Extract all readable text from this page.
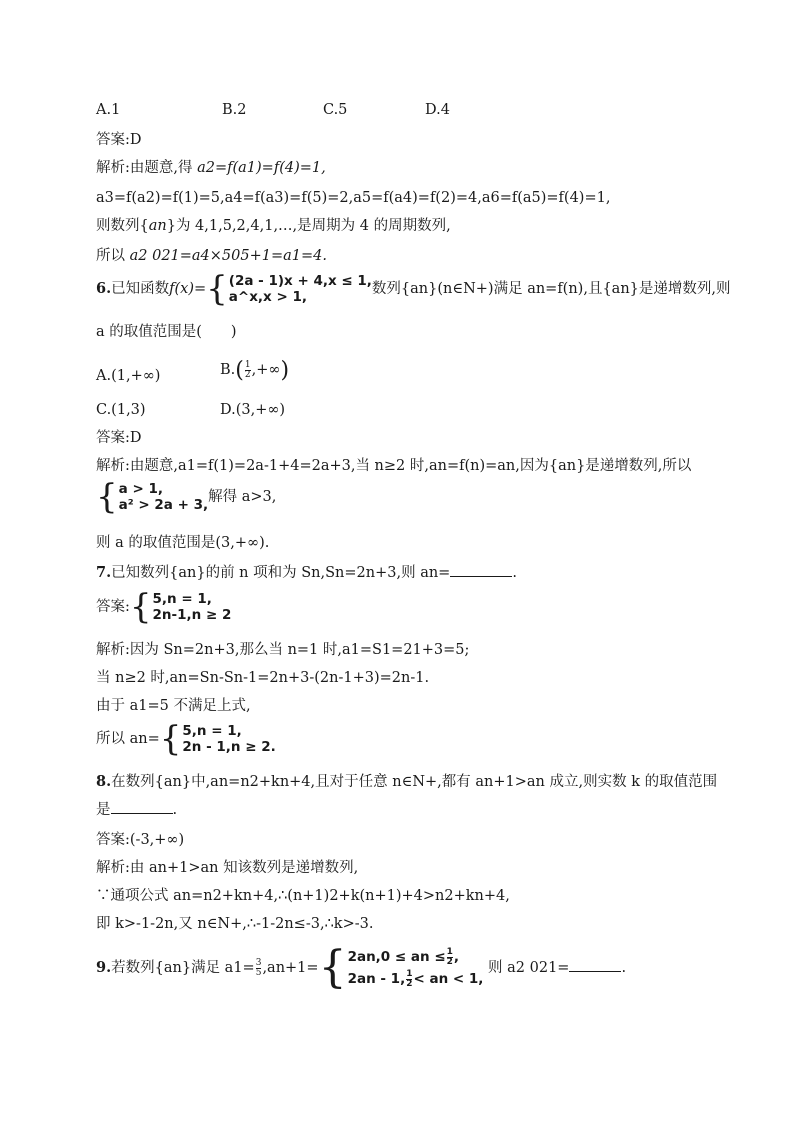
A.1	B.2	C.5	D.4
答案:D
解析:由题意,得 a2=f(a1)=f(4)=1,
a3=f(a2)=f(1)=5,a4=f(a3)=f(5)=2,a5=f(a4)=f(2)=4,a6=f(a5)=f(4)=1,
则数列{an}为 4,1,5,2,4,1,…,是周期为 4 的周期数列,
所以 a2 021=a4×505+1=a1=4.
6.已知函数f(x)={ (2a - 1)x + 4,x ≤ 1,
a^x,x > 1,	数列{an}(n∈N+)满足 an=f(n),且{an}是递增数列,则
a 的取值范围是(　　)
A.(1,+∞)	$B.( \frac{1}{2}$ ,+∞)
C.(1,3)	D.(3,+∞)
答案:D
解析:由题意,a1=f(1)=2a-1+4=2a+3,当 n≥2 时,an=f(n)=an,因为{an}是递增数列,所以
{ a > 1,
a² > 2a + 3, 解得 a>3,
则 a 的取值范围是(3,+∞).
7.已知数列{an}的前 n 项和为 Sn,Sn=2n+3,则 an=	.
答案:{ 5,n = 1,
2n-1,n ≥ 2
解析:因为 Sn=2n+3,那么当 n=1 时,a1=S1=21+3=5;
当 n≥2 时,an=Sn-Sn-1=2n+3-(2n-1+3)=2n-1.
由于 a1=5 不满足上式,
所以 an={ 5,n = 1,
2n - 1,n ≥ 2.
8.在数列{an}中,an=n2+kn+4,且对于任意 n∈N+,都有 an+1>an 成立,则实数 k 的取值范围
是	.
答案:(-3,+∞)
解析:由 an+1>an 知该数列是递增数列,
∵通项公式 an=n2+kn+4,∴(n+1)2+k(n+1)+4>n2+kn+4,
即 k>-1-2n,又 n∈N+,∴-1-2n≤-3,∴k>-3.
9.若数列{an}满足 $a1= \frac{3}{5} ,an+1=${ 2an,0 ≤ an ≤ $\frac{1}{2}$ ,
2an - 1, $\frac{1}{2}$ < an < 1,
则 a2 021=	.
